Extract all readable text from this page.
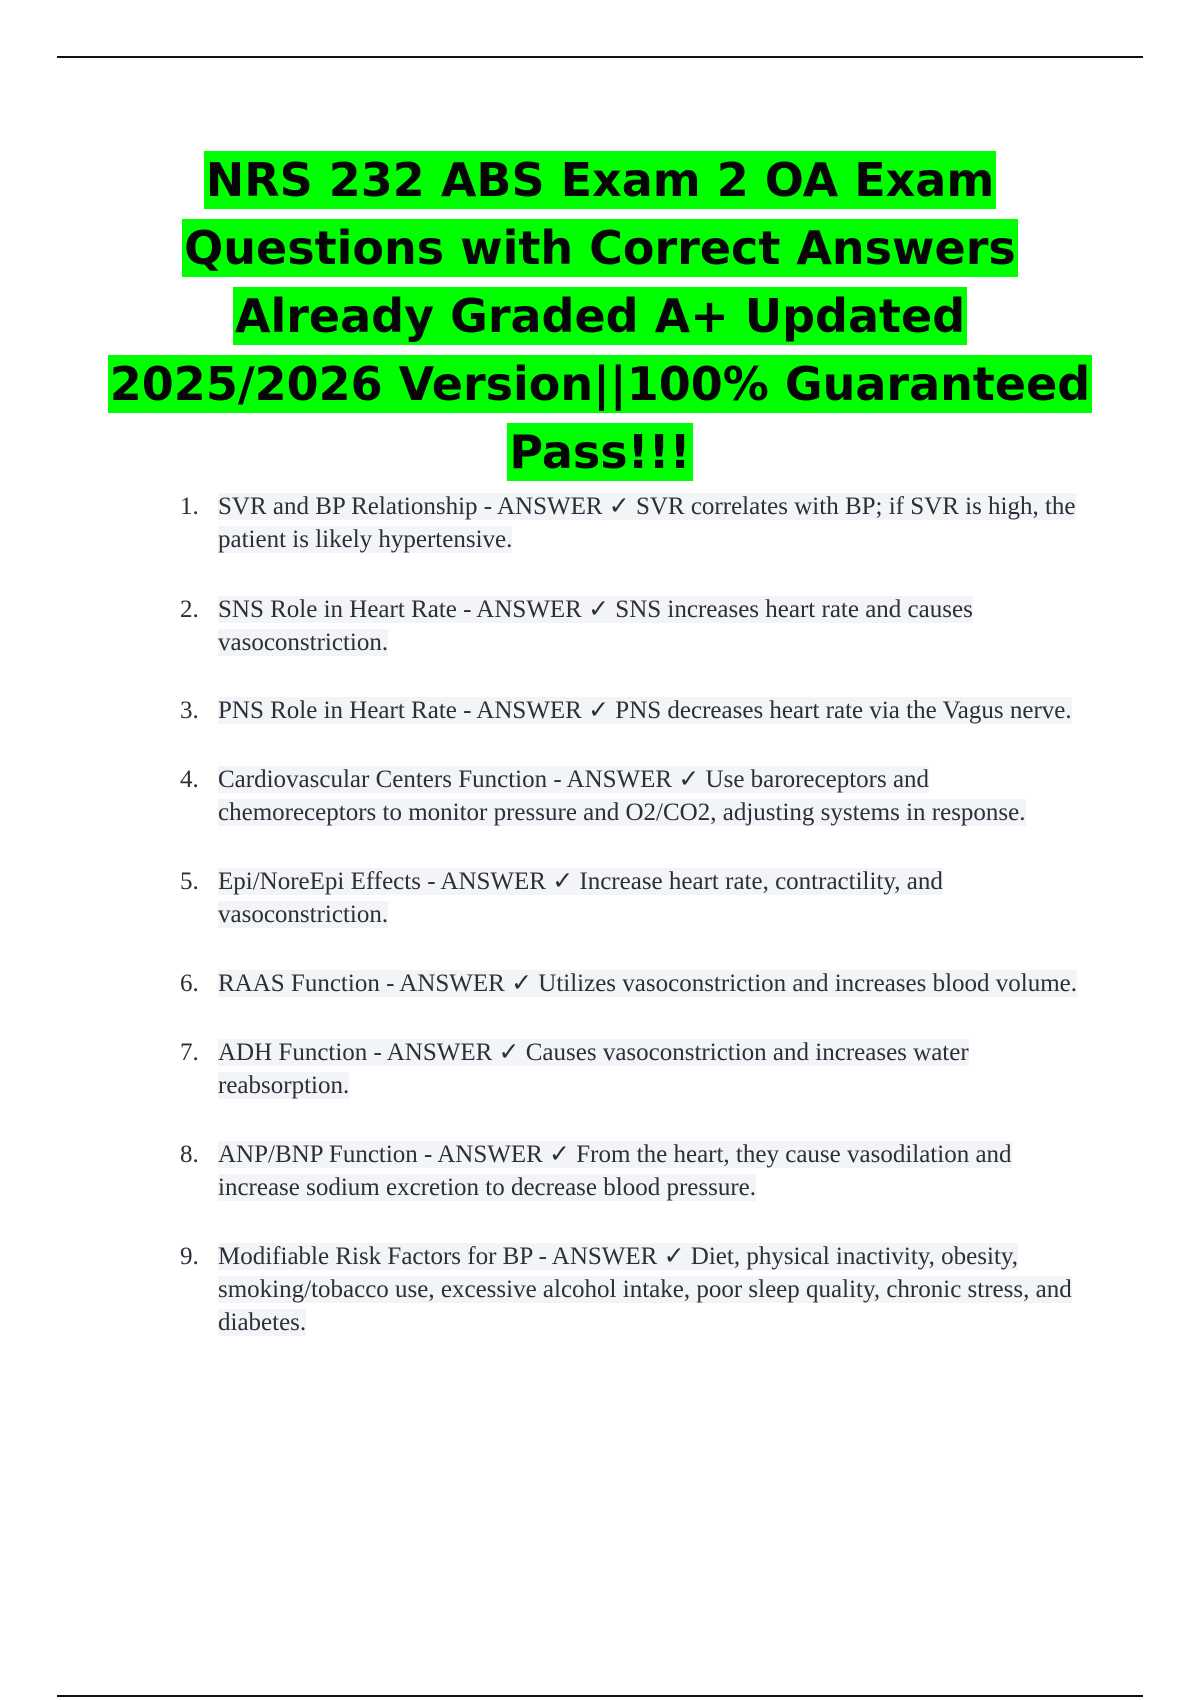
NRS 232 ABS Exam 2 OA Exam Questions with Correct Answers Already Graded A+ Updated 2025/2026 Version||100% Guaranteed Pass!!!
1. SVR and BP Relationship - ANSWER ✓ SVR correlates with BP; if SVR is high, the patient is likely hypertensive.
2. SNS Role in Heart Rate - ANSWER ✓ SNS increases heart rate and causes vasoconstriction.
3. PNS Role in Heart Rate - ANSWER ✓ PNS decreases heart rate via the Vagus nerve.
4. Cardiovascular Centers Function - ANSWER ✓ Use baroreceptors and chemoreceptors to monitor pressure and O2/CO2, adjusting systems in response.
5. Epi/NoreEpi Effects - ANSWER ✓ Increase heart rate, contractility, and vasoconstriction.
6. RAAS Function - ANSWER ✓ Utilizes vasoconstriction and increases blood volume.
7. ADH Function - ANSWER ✓ Causes vasoconstriction and increases water reabsorption.
8. ANP/BNP Function - ANSWER ✓ From the heart, they cause vasodilation and increase sodium excretion to decrease blood pressure.
9. Modifiable Risk Factors for BP - ANSWER ✓ Diet, physical inactivity, obesity, smoking/tobacco use, excessive alcohol intake, poor sleep quality, chronic stress, and diabetes.
